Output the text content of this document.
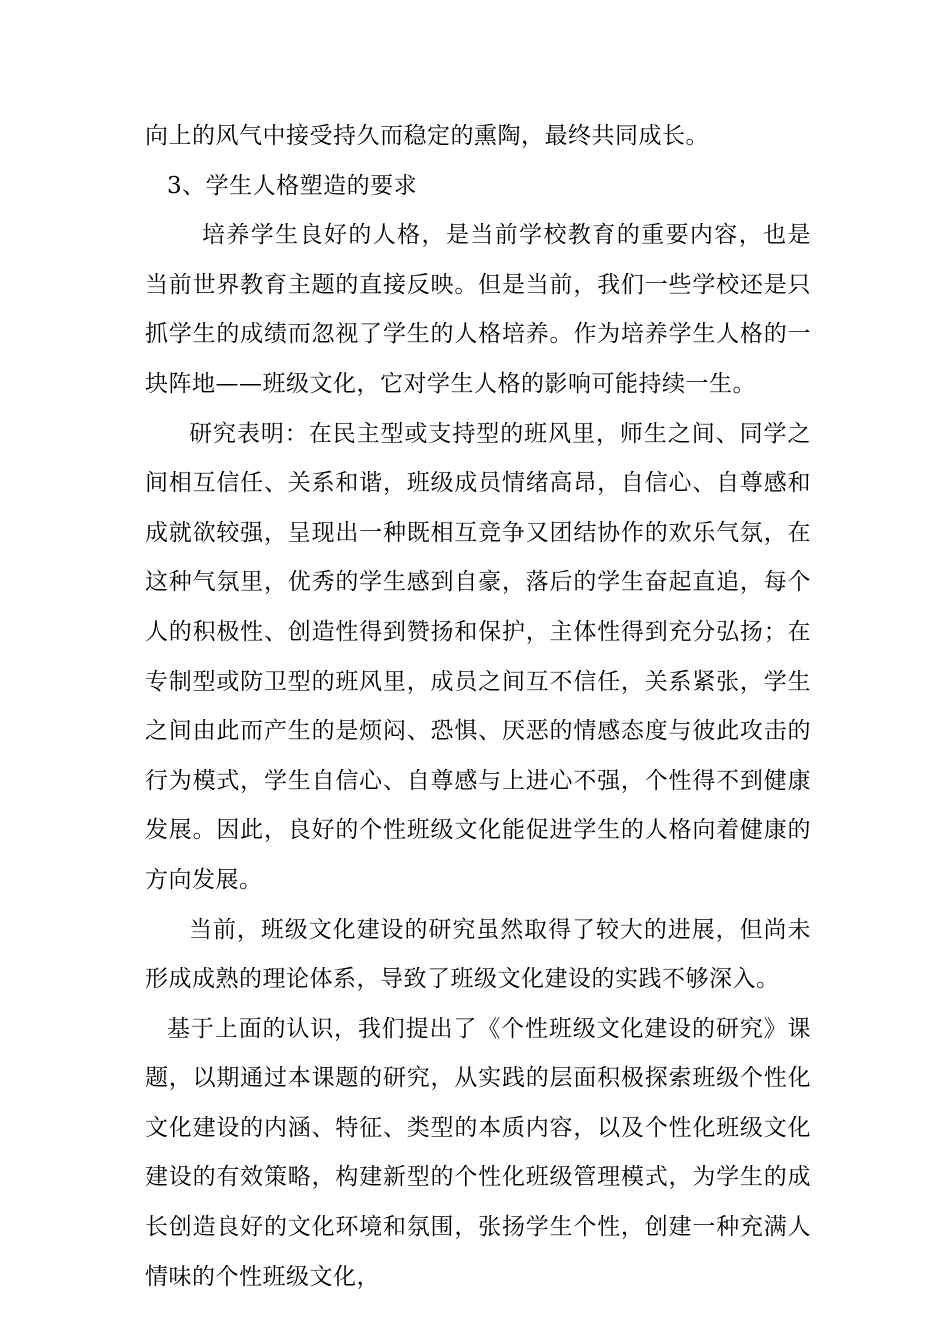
向上的风气中接受持久而稳定的熏陶，最终共同成长。

3、学生人格塑造的要求

培养学生良好的人格，是当前学校教育的重要内容，也是当前世界教育主题的直接反映。但是当前，我们一些学校还是只抓学生的成绩而忽视了学生的人格培养。作为培养学生人格的一块阵地——班级文化，它对学生人格的影响可能持续一生。

研究表明：在民主型或支持型的班风里，师生之间、同学之间相互信任、关系和谐，班级成员情绪高昂，自信心、自尊感和成就欲较强，呈现出一种既相互竞争又团结协作的欢乐气氛，在这种气氛里，优秀的学生感到自豪，落后的学生奋起直追，每个人的积极性、创造性得到赞扬和保护，主体性得到充分弘扬；在专制型或防卫型的班风里，成员之间互不信任，关系紧张，学生之间由此而产生的是烦闷、恐惧、厌恶的情感态度与彼此攻击的行为模式，学生自信心、自尊感与上进心不强，个性得不到健康发展。因此，良好的个性班级文化能促进学生的人格向着健康的方向发展。

当前，班级文化建设的研究虽然取得了较大的进展，但尚未形成成熟的理论体系，导致了班级文化建设的实践不够深入。

基于上面的认识，我们提出了《个性班级文化建设的研究》课题，以期通过本课题的研究，从实践的层面积极探索班级个性化文化建设的内涵、特征、类型的本质内容，以及个性化班级文化建设的有效策略，构建新型的个性化班级管理模式，为学生的成长创造良好的文化环境和氛围，张扬学生个性，创建一种充满人情味的个性班级文化，
